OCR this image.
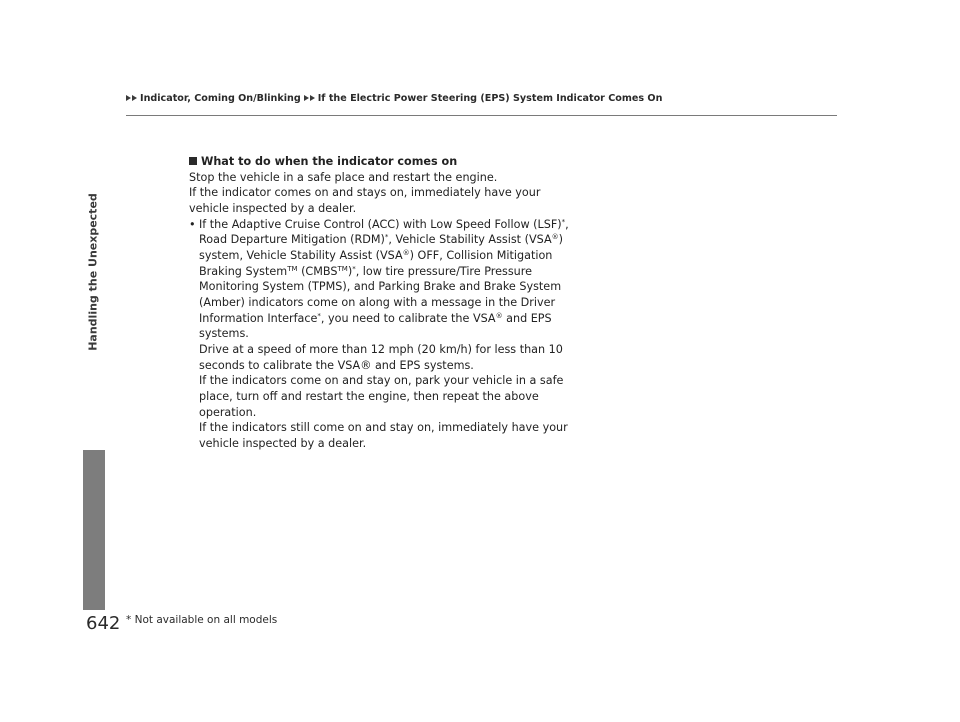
Indicator, Coming On/Blinking If the Electric Power Steering (EPS) System Indicator Comes On
Handling the Unexpected
What to do when the indicator comes on

Stop the vehicle in a safe place and restart the engine.

If the indicator comes on and stays on, immediately have your vehicle inspected by a dealer.

• If the Adaptive Cruise Control (ACC) with Low Speed Follow (LSF)*, Road Departure Mitigation (RDM)*, Vehicle Stability Assist (VSA®) system, Vehicle Stability Assist (VSA®) OFF, Collision Mitigation Braking System™ (CMBS™)*, low tire pressure/Tire Pressure Monitoring System (TPMS), and Parking Brake and Brake System (Amber) indicators come on along with a message in the Driver Information Interface*, you need to calibrate the VSA® and EPS systems.

Drive at a speed of more than 12 mph (20 km/h) for less than 10 seconds to calibrate the VSA® and EPS systems.

If the indicators come on and stay on, park your vehicle in a safe place, turn off and restart the engine, then repeat the above operation.

If the indicators still come on and stay on, immediately have your vehicle inspected by a dealer.

642 * Not available on all models
